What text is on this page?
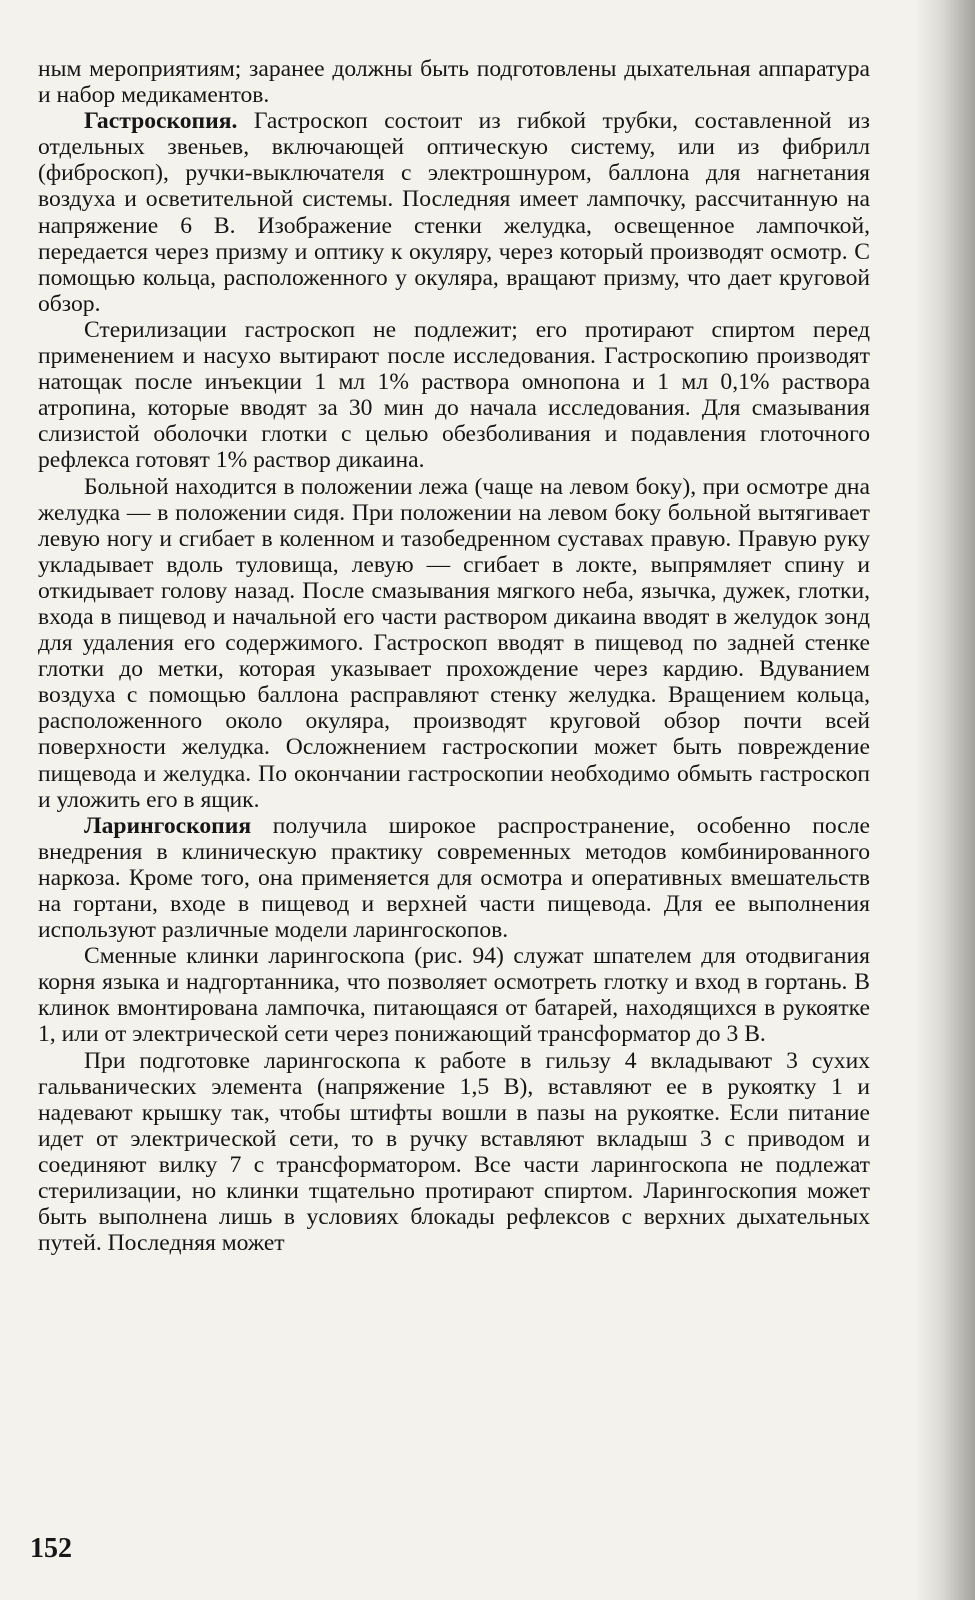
ным мероприятиям; заранее должны быть подготовлены дыхательная аппаратура и набор медикаментов.

Гастроскопия. Гастроскоп состоит из гибкой трубки, составленной из отдельных звеньев, включающей оптическую систему, или из фибрилл (фиброскоп), ручки-выключателя с электрошнуром, баллона для нагнетания воздуха и осветительной системы. Последняя имеет лампочку, рассчитанную на напряжение 6 В. Изображение стенки желудка, освещенное лампочкой, передается через призму и оптику к окуляру, через который производят осмотр. С помощью кольца, расположенного у окуляра, вращают призму, что дает круговой обзор.

Стерилизации гастроскоп не подлежит; его протирают спиртом перед применением и насухо вытирают после исследования. Гастроскопию производят натощак после инъекции 1 мл 1% раствора омнопона и 1 мл 0,1% раствора атропина, которые вводят за 30 мин до начала исследования. Для смазывания слизистой оболочки глотки с целью обезболивания и подавления глоточного рефлекса готовят 1% раствор дикаина.

Больной находится в положении лежа (чаще на левом боку), при осмотре дна желудка — в положении сидя. При положении на левом боку больной вытягивает левую ногу и сгибает в коленном и тазобедренном суставах правую. Правую руку укладывает вдоль туловища, левую — сгибает в локте, выпрямляет спину и откидывает голову назад. После смазывания мягкого неба, язычка, дужек, глотки, входа в пищевод и начальной его части раствором дикаина вводят в желудок зонд для удаления его содержимого. Гастроскоп вводят в пищевод по задней стенке глотки до метки, которая указывает прохождение через кардию. Вдуванием воздуха с помощью баллона расправляют стенку желудка. Вращением кольца, расположенного около окуляра, производят круговой обзор почти всей поверхности желудка. Осложнением гастроскопии может быть повреждение пищевода и желудка. По окончании гастроскопии необходимо обмыть гастроскоп и уложить его в ящик.

Ларингоскопия получила широкое распространение, особенно после внедрения в клиническую практику современных методов комбинированного наркоза. Кроме того, она применяется для осмотра и оперативных вмешательств на гортани, входе в пищевод и верхней части пищевода. Для ее выполнения используют различные модели ларингоскопов.

Сменные клинки ларингоскопа (рис. 94) служат шпателем для отодвигания корня языка и надгортанника, что позволяет осмотреть глотку и вход в гортань. В клинок вмонтирована лампочка, питающаяся от батарей, находящихся в рукоятке 1, или от электрической сети через понижающий трансформатор до 3 В.

При подготовке ларингоскопа к работе в гильзу 4 вкладывают 3 сухих гальванических элемента (напряжение 1,5 В), вставляют ее в рукоятку 1 и надевают крышку так, чтобы штифты вошли в пазы на рукоятке. Если питание идет от электрической сети, то в ручку вставляют вкладыш 3 с приводом и соединяют вилку 7 с трансформатором. Все части ларингоскопа не подлежат стерилизации, но клинки тщательно протирают спиртом. Ларингоскопия может быть выполнена лишь в условиях блокады рефлексов с верхних дыхательных путей. Последняя может

152
